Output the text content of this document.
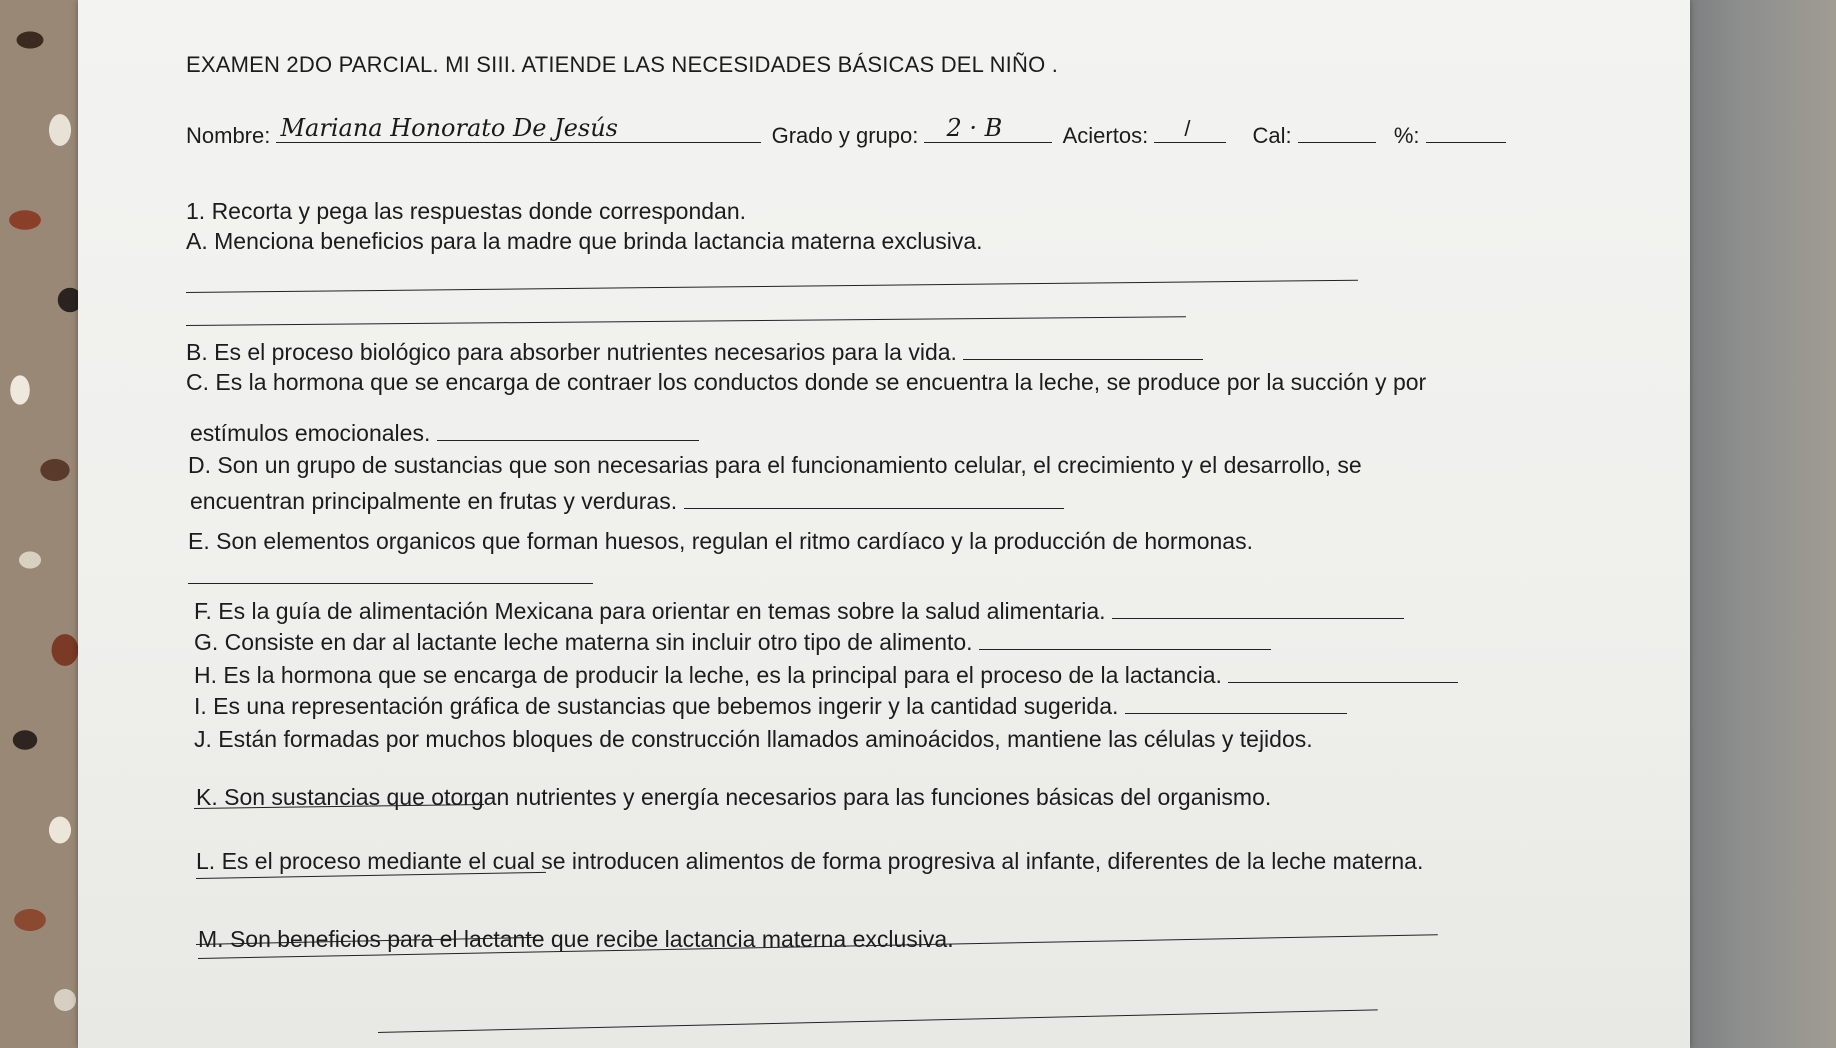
EXAMEN 2DO PARCIAL. MI SIII. ATIENDE LAS NECESIDADES BÁSICAS DEL NIÑO .
Nombre: Mariana Honorato De Jesús	Grado y grupo: 2 · B	Aciertos: /	Cal:	%:
1. Recorta y pega las respuestas donde correspondan.
A. Menciona beneficios para la madre que brinda lactancia materna exclusiva.
B. Es el proceso biológico para absorber nutrientes necesarios para la vida.
C. Es la hormona que se encarga de contraer los conductos donde se encuentra la leche, se produce por la succión y por
estímulos emocionales.
D. Son un grupo de sustancias que son necesarias para el funcionamiento celular, el crecimiento y el desarrollo, se
encuentran principalmente en frutas y verduras.
E. Son elementos organicos que forman huesos, regulan el ritmo cardíaco y la producción de hormonas.
F. Es la guía de alimentación Mexicana para orientar en temas sobre la salud alimentaria.
G. Consiste en dar al lactante leche materna sin incluir otro tipo de alimento.
H. Es la hormona que se encarga de producir la leche, es la principal para el proceso de la lactancia.
I. Es una representación gráfica de sustancias que bebemos ingerir y la cantidad sugerida.
J. Están formadas por muchos bloques de construcción llamados aminoácidos, mantiene las células y tejidos.
K. Son sustancias que otorgan nutrientes y energía necesarios para las funciones básicas del organismo.
L. Es el proceso mediante el cual se introducen alimentos de forma progresiva al infante, diferentes de la leche materna.
M. Son beneficios para el lactante que recibe lactancia materna exclusiva.
